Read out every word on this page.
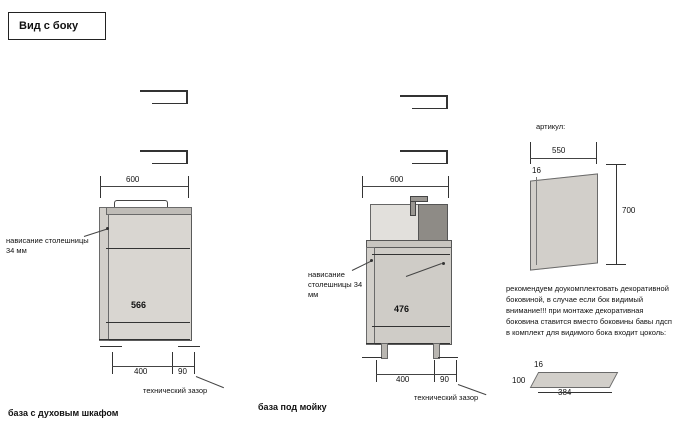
Вид с боку
600
566
нависание столешницы 34 мм
400	90
технический зазор
база с духовым шкафом
600
476
нависание столешницы 34 мм
400	90
технический зазор
база под мойку
артикул:
550
16
700
рекомендуем доукомплектовать декоративной
боковиной, в случае если бок видимый
внимание!!! при монтаже декоративная
боковина ставится вместо боковины бавы лдсп
в комплект для видимого бока входит цоколь:
16
100
